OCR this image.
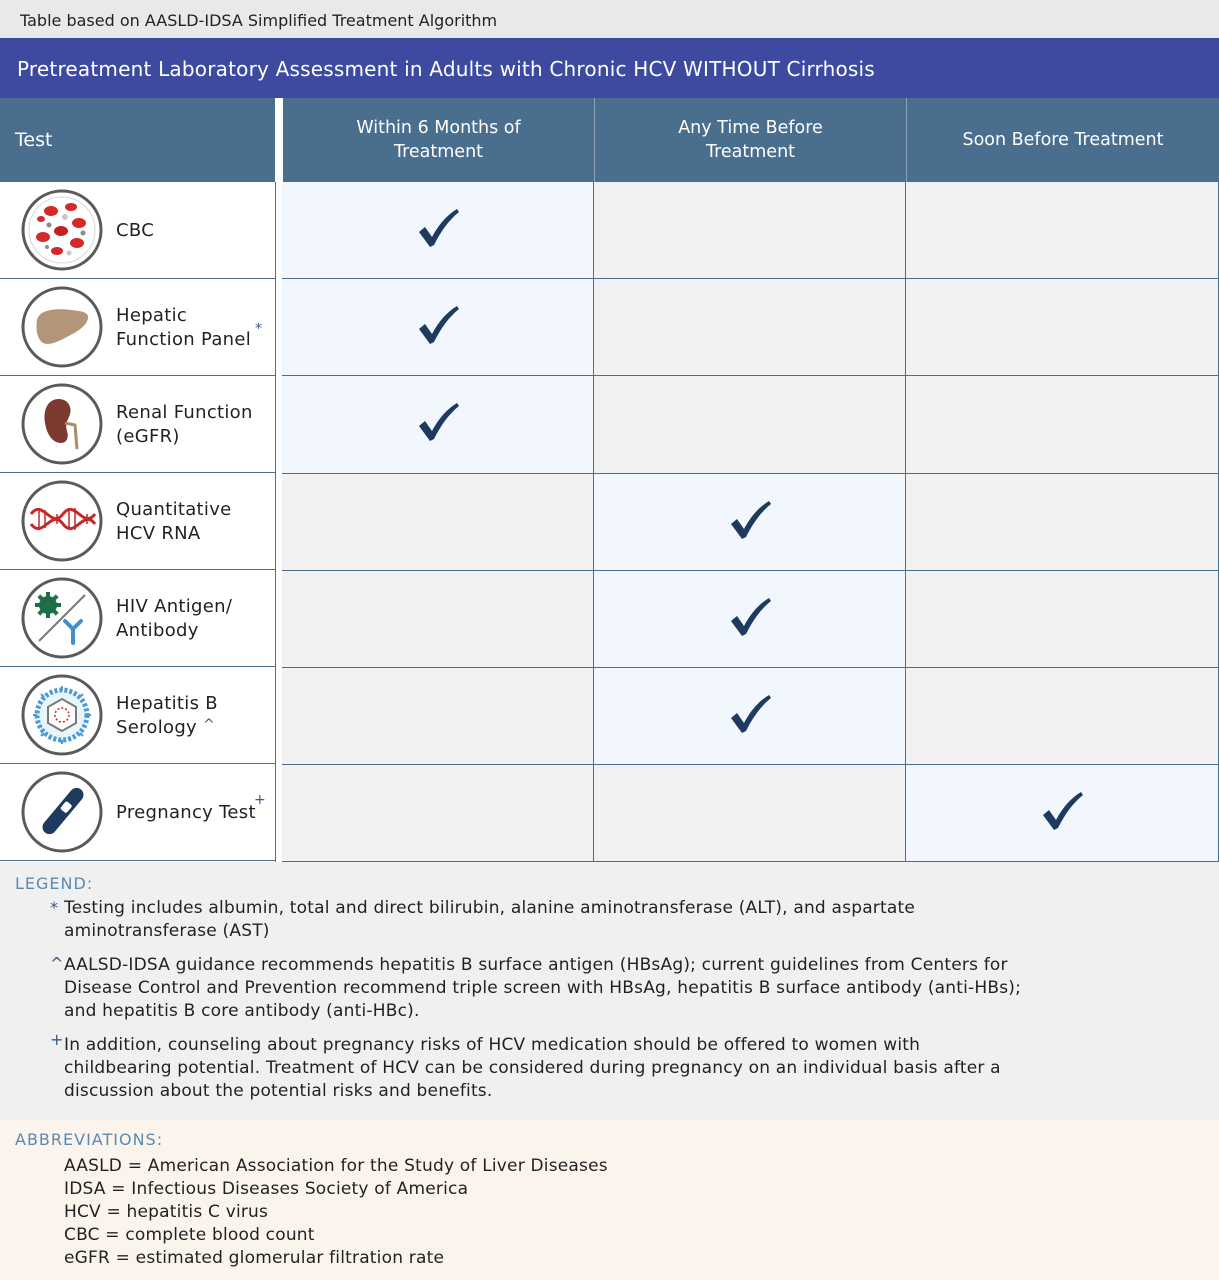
Table based on AASLD-IDSA Simplified Treatment Algorithm
Pretreatment Laboratory Assessment in Adults with Chronic HCV WITHOUT Cirrhosis
Test
Within 6 Months of Treatment
Any Time Before Treatment
Soon Before Treatment
CBC
Hepatic
Function Panel *
Renal Function
(eGFR)
Quantitative
HCV RNA
HIV Antigen/
Antibody
Hepatitis B
Serology ^
Pregnancy Test
+
LEGEND:
* Testing includes albumin, total and direct bilirubin, alanine aminotransferase (ALT), and aspartate
aminotransferase (AST)
^ AALSD-IDSA guidance recommends hepatitis B surface antigen (HBsAg); current guidelines from Centers for
Disease Control and Prevention recommend triple screen with HBsAg, hepatitis B surface antibody (anti-HBs);
and hepatitis B core antibody (anti-HBc).
+ In addition, counseling about pregnancy risks of HCV medication should be offered to women with
childbearing potential. Treatment of HCV can be considered during pregnancy on an individual basis after a
discussion about the potential risks and benefits.
ABBREVIATIONS:
AASLD = American Association for the Study of Liver Diseases
IDSA = Infectious Diseases Society of America
HCV = hepatitis C virus
CBC = complete blood count
eGFR = estimated glomerular filtration rate
